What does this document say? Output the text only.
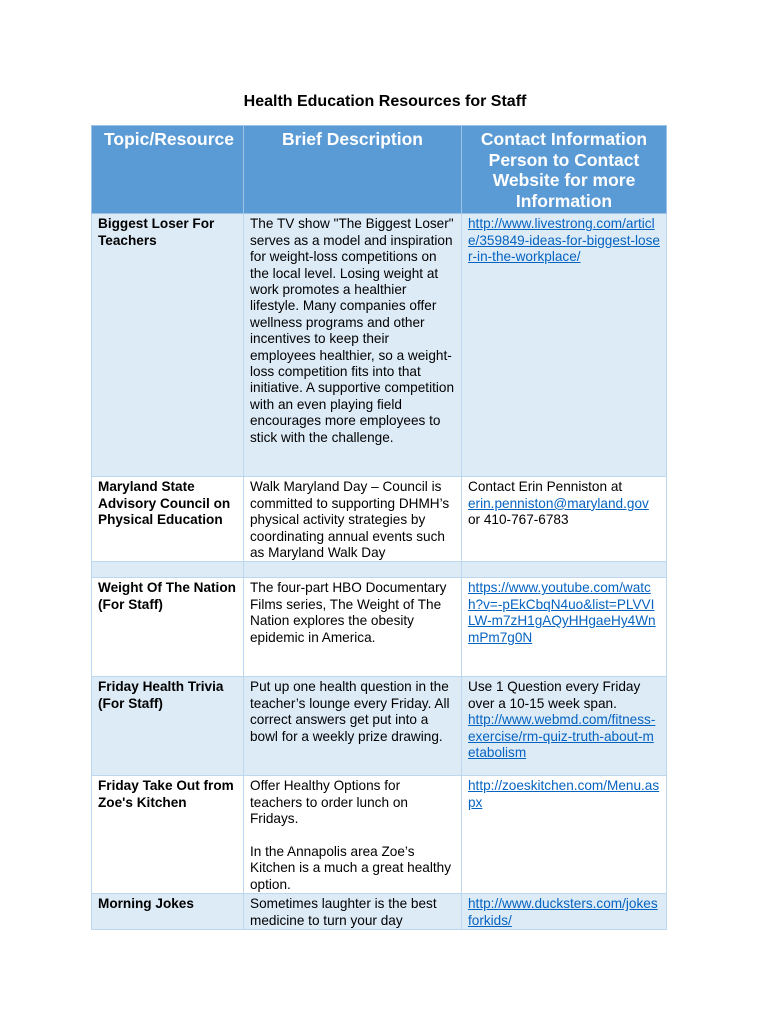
Health Education Resources for Staff
Topic/Resource	Brief Description	Contact Information
Person to Contact
Website for more
Information

Biggest Loser For Teachers	The TV show "The Biggest Loser" serves as a model and inspiration for weight-loss competitions on the local level. Losing weight at work promotes a healthier lifestyle. Many companies offer wellness programs and other incentives to keep their employees healthier, so a weight-loss competition fits into that initiative. A supportive competition with an even playing field encourages more employees to stick with the challenge.	http://www.livestrong.com/article/359849-ideas-for-biggest-loser-in-the-workplace/
Maryland State Advisory Council on Physical Education	Walk Maryland Day – Council is committed to supporting DHMH’s physical activity strategies by coordinating annual events such as Maryland Walk Day	Contact Erin Penniston at
erin.penniston@maryland.gov
or 410-767-6783

Weight Of The Nation (For Staff)	The four-part HBO Documentary Films series, The Weight of The Nation explores the obesity epidemic in America.	https://www.youtube.com/watch?v=-pEkCbqN4uo&list=PLVVILW-m7zH1gAQyHHgaeHy4WnmPm7g0N
Friday Health Trivia (For Staff)	Put up one health question in the teacher’s lounge every Friday. All correct answers get put into a bowl for a weekly prize drawing.	Use 1 Question every Friday over a 10-15 week span.
http://www.webmd.com/fitness-exercise/rm-quiz-truth-about-metabolism

Friday Take Out from Zoe's Kitchen	Offer Healthy Options for teachers to order lunch on Fridays.
In the Annapolis area Zoe’s Kitchen is a much a great healthy option.	http://zoeskitchen.com/Menu.aspx
Morning Jokes	Sometimes laughter is the best medicine to turn your day	http://www.ducksters.com/jokesforkids/
